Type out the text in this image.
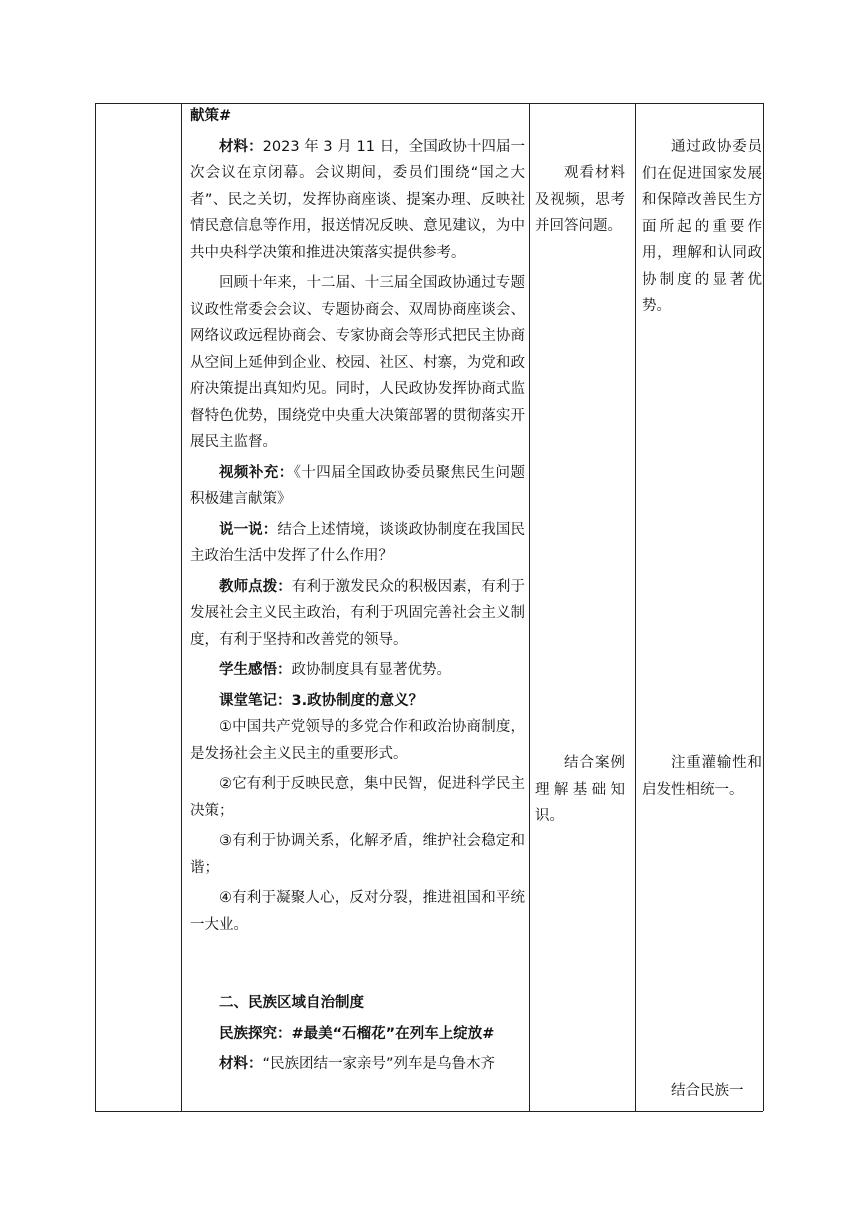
献策#

材料：2023 年 3 月 11 日，全国政协十四届一次会议在京闭幕。会议期间，委员们围绕“国之大者”、民之关切，发挥协商座谈、提案办理、反映社情民意信息等作用，报送情况反映、意见建议，为中共中央科学决策和推进决策落实提供参考。

回顾十年来，十二届、十三届全国政协通过专题议政性常委会会议、专题协商会、双周协商座谈会、网络议政远程协商会、专家协商会等形式把民主协商从空间上延伸到企业、校园、社区、村寨，为党和政府决策提出真知灼见。同时，人民政协发挥协商式监督特色优势，围绕党中央重大决策部署的贯彻落实开展民主监督。

视频补充：《十四届全国政协委员聚焦民生问题积极建言献策》

说一说：结合上述情境，谈谈政协制度在我国民主政治生活中发挥了什么作用？

教师点拨：有利于激发民众的积极因素，有利于发展社会主义民主政治，有利于巩固完善社会主义制度，有利于坚持和改善党的领导。

学生感悟：政协制度具有显著优势。

课堂笔记：3.政协制度的意义？

①中国共产党领导的多党合作和政治协商制度，是发扬社会主义民主的重要形式。

②它有利于反映民意，集中民智，促进科学民主决策；

③有利于协调关系，化解矛盾，维护社会稳定和谐；

④有利于凝聚人心，反对分裂，推进祖国和平统一大业。

二、民族区域自治制度

民族探究：#最美“石榴花”在列车上绽放#

材料：“民族团结一家亲号”列车是乌鲁木齐

观看材料及视频，思考并回答问题。

结合案例理解基础知识。

通过政协委员们在促进国家发展和保障改善民生方面所起的重要作用，理解和认同政协制度的显著优势。

注重灌输性和启发性相统一。

结合民族一
